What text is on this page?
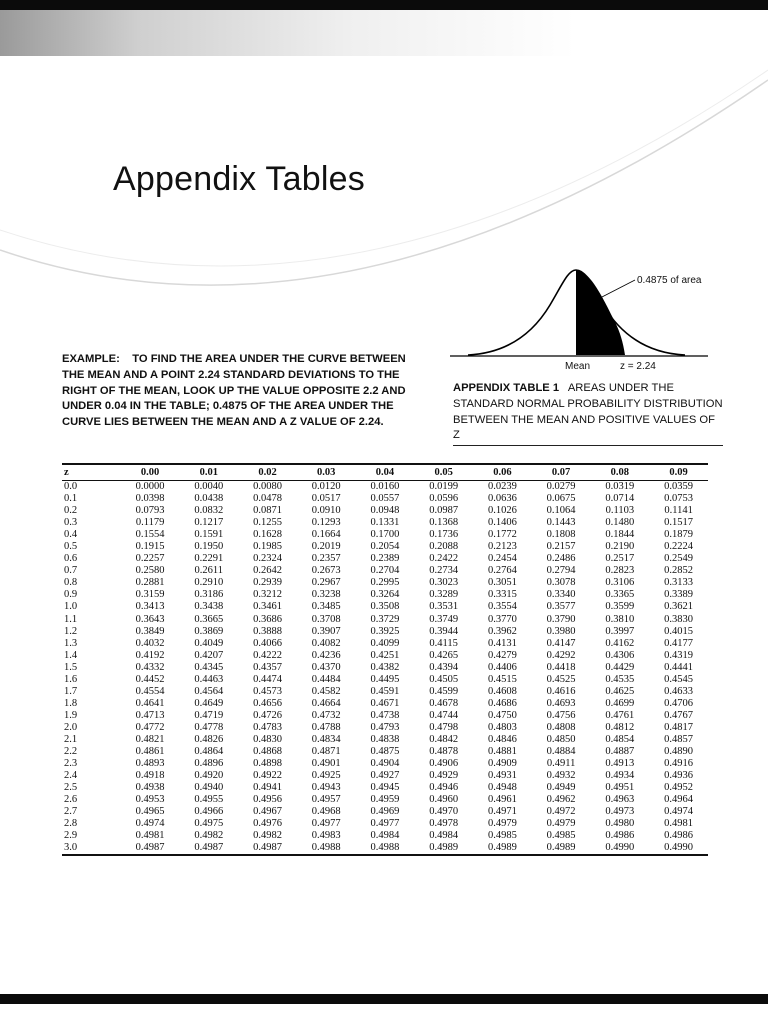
Appendix Tables
0.4875 of area
Mean	z = 2.24

EXAMPLE: TO FIND THE AREA UNDER THE CURVE BETWEEN THE MEAN AND A POINT 2.24 STANDARD DEVIATIONS TO THE RIGHT OF THE MEAN, LOOK UP THE VALUE OPPOSITE 2.2 AND UNDER 0.04 IN THE TABLE; 0.4875 OF THE AREA UNDER THE CURVE LIES BETWEEN THE MEAN AND A Z VALUE OF 2.24.

APPENDIX TABLE 1 AREAS UNDER THE STANDARD NORMAL PROBABILITY DISTRIBUTION BETWEEN THE MEAN AND POSITIVE VALUES OF Z

z	0.00	0.01	0.02	0.03	0.04	0.05	0.06	0.07	0.08	0.09
0.0	0.0000	0.0040	0.0080	0.0120	0.0160	0.0199	0.0239	0.0279	0.0319	0.0359
0.1	0.0398	0.0438	0.0478	0.0517	0.0557	0.0596	0.0636	0.0675	0.0714	0.0753
0.2	0.0793	0.0832	0.0871	0.0910	0.0948	0.0987	0.1026	0.1064	0.1103	0.1141
0.3	0.1179	0.1217	0.1255	0.1293	0.1331	0.1368	0.1406	0.1443	0.1480	0.1517
0.4	0.1554	0.1591	0.1628	0.1664	0.1700	0.1736	0.1772	0.1808	0.1844	0.1879
0.5	0.1915	0.1950	0.1985	0.2019	0.2054	0.2088	0.2123	0.2157	0.2190	0.2224
0.6	0.2257	0.2291	0.2324	0.2357	0.2389	0.2422	0.2454	0.2486	0.2517	0.2549
0.7	0.2580	0.2611	0.2642	0.2673	0.2704	0.2734	0.2764	0.2794	0.2823	0.2852
0.8	0.2881	0.2910	0.2939	0.2967	0.2995	0.3023	0.3051	0.3078	0.3106	0.3133
0.9	0.3159	0.3186	0.3212	0.3238	0.3264	0.3289	0.3315	0.3340	0.3365	0.3389
1.0	0.3413	0.3438	0.3461	0.3485	0.3508	0.3531	0.3554	0.3577	0.3599	0.3621
1.1	0.3643	0.3665	0.3686	0.3708	0.3729	0.3749	0.3770	0.3790	0.3810	0.3830
1.2	0.3849	0.3869	0.3888	0.3907	0.3925	0.3944	0.3962	0.3980	0.3997	0.4015
1.3	0.4032	0.4049	0.4066	0.4082	0.4099	0.4115	0.4131	0.4147	0.4162	0.4177
1.4	0.4192	0.4207	0.4222	0.4236	0.4251	0.4265	0.4279	0.4292	0.4306	0.4319
1.5	0.4332	0.4345	0.4357	0.4370	0.4382	0.4394	0.4406	0.4418	0.4429	0.4441
1.6	0.4452	0.4463	0.4474	0.4484	0.4495	0.4505	0.4515	0.4525	0.4535	0.4545
1.7	0.4554	0.4564	0.4573	0.4582	0.4591	0.4599	0.4608	0.4616	0.4625	0.4633
1.8	0.4641	0.4649	0.4656	0.4664	0.4671	0.4678	0.4686	0.4693	0.4699	0.4706
1.9	0.4713	0.4719	0.4726	0.4732	0.4738	0.4744	0.4750	0.4756	0.4761	0.4767
2.0	0.4772	0.4778	0.4783	0.4788	0.4793	0.4798	0.4803	0.4808	0.4812	0.4817
2.1	0.4821	0.4826	0.4830	0.4834	0.4838	0.4842	0.4846	0.4850	0.4854	0.4857
2.2	0.4861	0.4864	0.4868	0.4871	0.4875	0.4878	0.4881	0.4884	0.4887	0.4890
2.3	0.4893	0.4896	0.4898	0.4901	0.4904	0.4906	0.4909	0.4911	0.4913	0.4916
2.4	0.4918	0.4920	0.4922	0.4925	0.4927	0.4929	0.4931	0.4932	0.4934	0.4936
2.5	0.4938	0.4940	0.4941	0.4943	0.4945	0.4946	0.4948	0.4949	0.4951	0.4952
2.6	0.4953	0.4955	0.4956	0.4957	0.4959	0.4960	0.4961	0.4962	0.4963	0.4964
2.7	0.4965	0.4966	0.4967	0.4968	0.4969	0.4970	0.4971	0.4972	0.4973	0.4974
2.8	0.4974	0.4975	0.4976	0.4977	0.4977	0.4978	0.4979	0.4979	0.4980	0.4981
2.9	0.4981	0.4982	0.4982	0.4983	0.4984	0.4984	0.4985	0.4985	0.4986	0.4986
3.0	0.4987	0.4987	0.4987	0.4988	0.4988	0.4989	0.4989	0.4989	0.4990	0.4990
